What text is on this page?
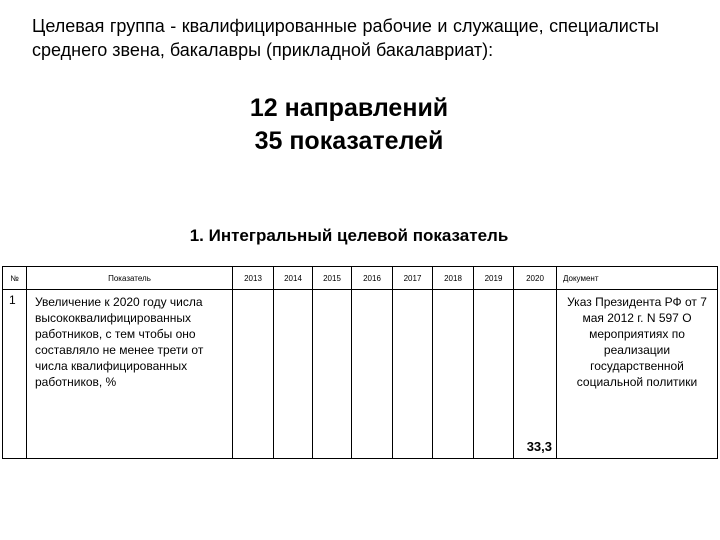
Целевая группа - квалифицированные рабочие и служащие, специалисты среднего звена, бакалавры (прикладной бакалавриат):
12 направлений
35 показателей
1. Интегральный целевой показатель
№	Показатель	2013	2014	2015	2016	2017	2018	2019	2020	Документ
1	Увеличение к 2020 году числа высококвалифицированных работников, с тем чтобы оно составляло не менее трети от числа квалифицированных работников, %								33,3	Указ Президента РФ от 7 мая 2012 г. N 597 О мероприятиях по реализации государственной социальной политики
